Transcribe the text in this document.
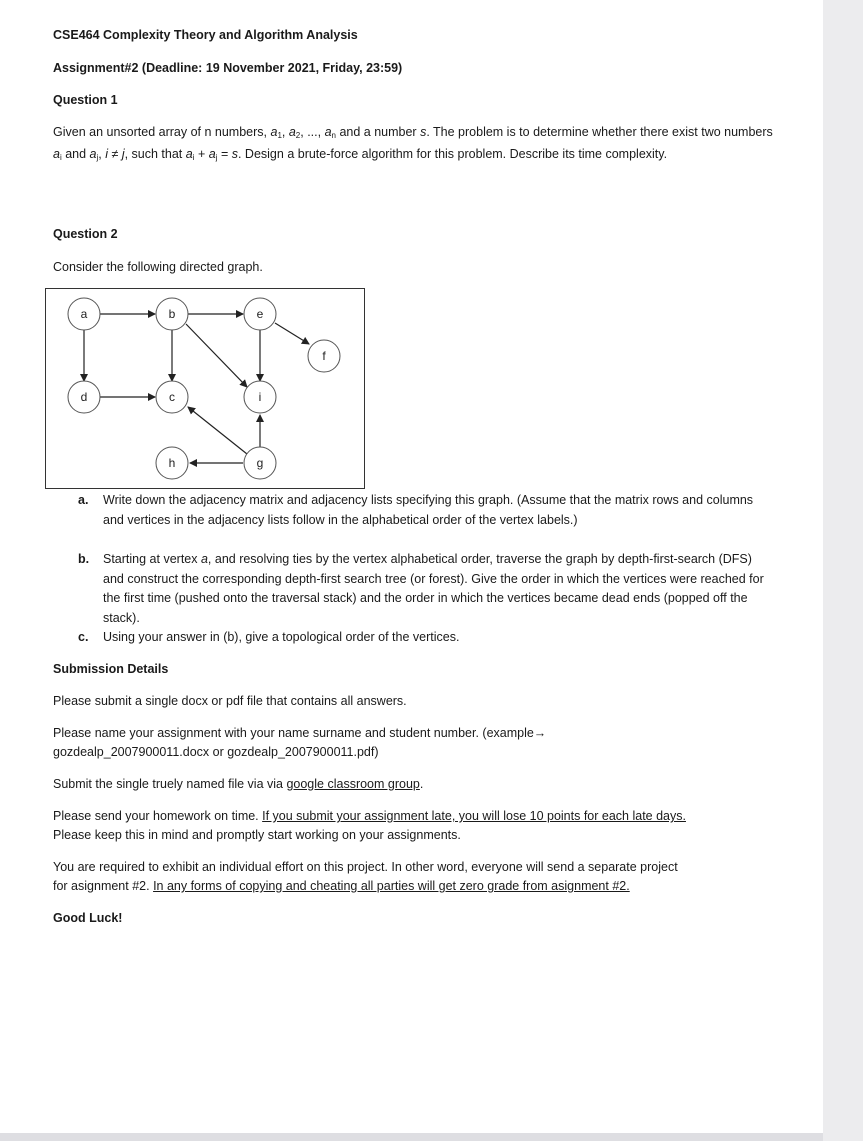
CSE464 Complexity Theory and Algorithm Analysis
Assignment#2 (Deadline: 19 November 2021, Friday, 23:59)
Question 1
Given an unsorted array of n numbers, $a_1$, $a_2$, ..., $a_n$ and a number s. The problem is to determine whether there exist two numbers $a_i$ and $a_j$, i ≠ j, such that $a_i + a_j = s$. Design a brute-force algorithm for this problem. Describe its time complexity.
Question 2
Consider the following directed graph.
a	b	e
f
d	c	i
h	g
a. Write down the adjacency matrix and adjacency lists specifying this graph. (Assume that the matrix rows and columns and vertices in the adjacency lists follow in the alphabetical order of the vertex labels.)
b. Starting at vertex a, and resolving ties by the vertex alphabetical order, traverse the graph by depth-first-search (DFS) and construct the corresponding depth-first search tree (or forest). Give the order in which the vertices were reached for the first time (pushed onto the traversal stack) and the order in which the vertices became dead ends (popped off the stack).
c. Using your answer in (b), give a topological order of the vertices.
Submission Details
Please submit a single docx or pdf file that contains all answers.
Please name your assignment with your name surname and student number. (example→
gozdealp_2007900011.docx or gozdealp_2007900011.pdf)
Submit the single truely named file via via google classroom group.
Please send your homework on time. If you submit your assignment late, you will lose 10 points for each late days.
Please keep this in mind and promptly start working on your assignments.
You are required to exhibit an individual effort on this project. In other word, everyone will send a separate project
for asignment #2. In any forms of copying and cheating all parties will get zero grade from asignment #2.
Good Luck!
